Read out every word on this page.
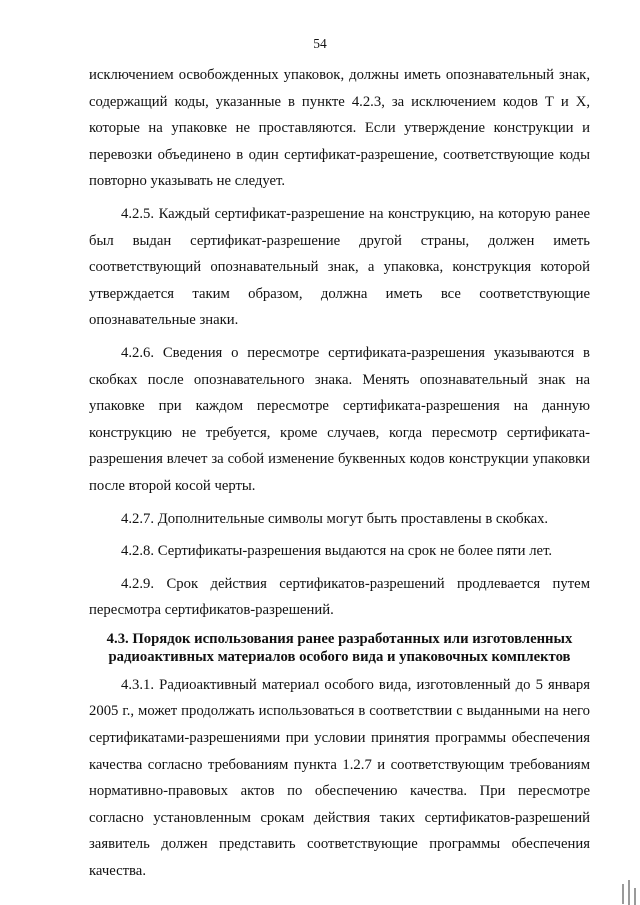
54

исключением освобожденных упаковок, должны иметь опознавательный знак, содержащий коды, указанные в пункте 4.2.3, за исключением кодов Т и X, которые на упаковке не проставляются. Если утверждение конструкции и перевозки объединено в один сертификат-разрешение, соответствующие коды повторно указывать не следует.

4.2.5. Каждый сертификат-разрешение на конструкцию, на которую ранее был выдан сертификат-разрешение другой страны, должен иметь соответствующий опознавательный знак, а упаковка, конструкция которой утверждается таким образом, должна иметь все соответствующие опознавательные знаки.

4.2.6. Сведения о пересмотре сертификата-разрешения указываются в скобках после опознавательного знака. Менять опознавательный знак на упаковке при каждом пересмотре сертификата-разрешения на данную конструкцию не требуется, кроме случаев, когда пересмотр сертификата-разрешения влечет за собой изменение буквенных кодов конструкции упаковки после второй косой черты.

4.2.7. Дополнительные символы могут быть проставлены в скобках.

4.2.8. Сертификаты-разрешения выдаются на срок не более пяти лет.

4.2.9. Срок действия сертификатов-разрешений продлевается путем пересмотра сертификатов-разрешений.

4.3. Порядок использования ранее разработанных или изготовленных
радиоактивных материалов особого вида и упаковочных комплектов

4.3.1. Радиоактивный материал особого вида, изготовленный до 5 января 2005 г., может продолжать использоваться в соответствии с выданными на него сертификатами-разрешениями при условии принятия программы обеспечения качества согласно требованиям пункта 1.2.7 и соответствующим требованиям нормативно-правовых актов по обеспечению качества. При пересмотре согласно установленным срокам действия таких сертификатов-разрешений заявитель должен представить соответствующие программы обеспечения качества.
